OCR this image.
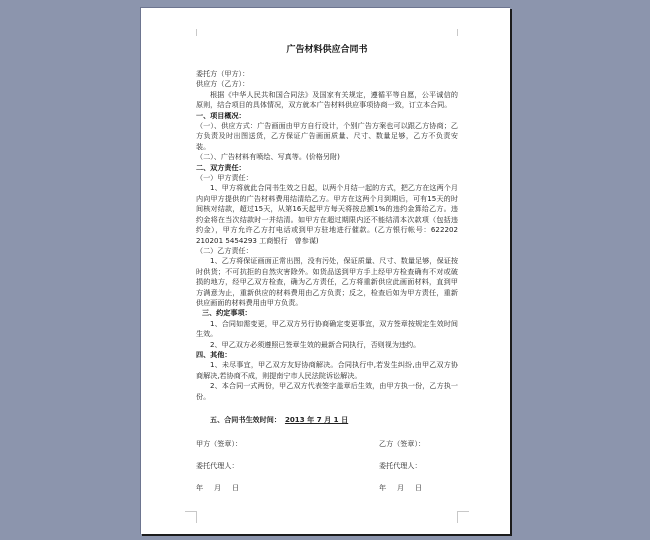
广告材料供应合同书

委托方（甲方）：

供应方（乙方）：

根据《中华人民共和国合同法》及国家有关规定，遵循平等自愿，公平诚信的原则，结合项目的具体情况，双方就本广告材料供应事项协商一致，订立本合同。

一、项目概况：

（一）、供应方式：广告画面由甲方自行设计，个别广告方案也可以跟乙方协商；乙方负责及时出图送货，乙方保证广告画面质量、尺寸、数量足够，乙方不负责安装。

（二）、广告材料有喷绘、写真等。(价格另附)

二、双方责任：

（一）甲方责任：

1、甲方将就此合同书生效之日起，以两个月结一起的方式，把乙方在这两个月内向甲方提供的广告材料费用结清给乙方。甲方在这两个月到期后，可有15天的时间核对结款，超过15天，从第16天起甲方每天将按总额1%的违约金算给乙方。违约金将在当次结款时一并结清。如甲方在超过期限内还不能结清本次款项（包括违约金），甲方允许乙方打电话或到甲方驻地进行催款。(乙方银行帐号：622202 210201 5454293 工商银行　曾参谋)

（二）乙方责任：

1、乙方将保证画面正常出图，没有污处，保证质量、尺寸、数量足够，保证按时供货；不可抗拒的自然灾害除外。如货品送到甲方手上经甲方检查确有不对或破损的地方，经甲乙双方检查，确为乙方责任，乙方将重新供应此画面材料，直到甲方满意为止，重新供应的材料费用由乙方负责；反之，检查后如为甲方责任，重新供应画面的材料费用由甲方负责。

三、约定事项：

1、合同如需变更，甲乙双方另行协商确定变更事宜，双方签章按规定生效时间生效。

2、甲乙双方必须遵照已签章生效的最新合同执行，否则视为违约。

四、其他：

1、未尽事宜，甲乙双方友好协商解决。合同执行中,若发生纠纷,由甲乙双方协商解决,若协商不成，则提南宁市人民法院诉讼解决。

2、本合同一式两份，甲乙双方代表签字盖章后生效，由甲方执一份，乙方执一份。

五、合同书生效时间： 2013 年 7 月 1 日
甲方（签章）：	乙方（签章）：
委托代理人：	委托代理人：
年 月 日	年 月 日
